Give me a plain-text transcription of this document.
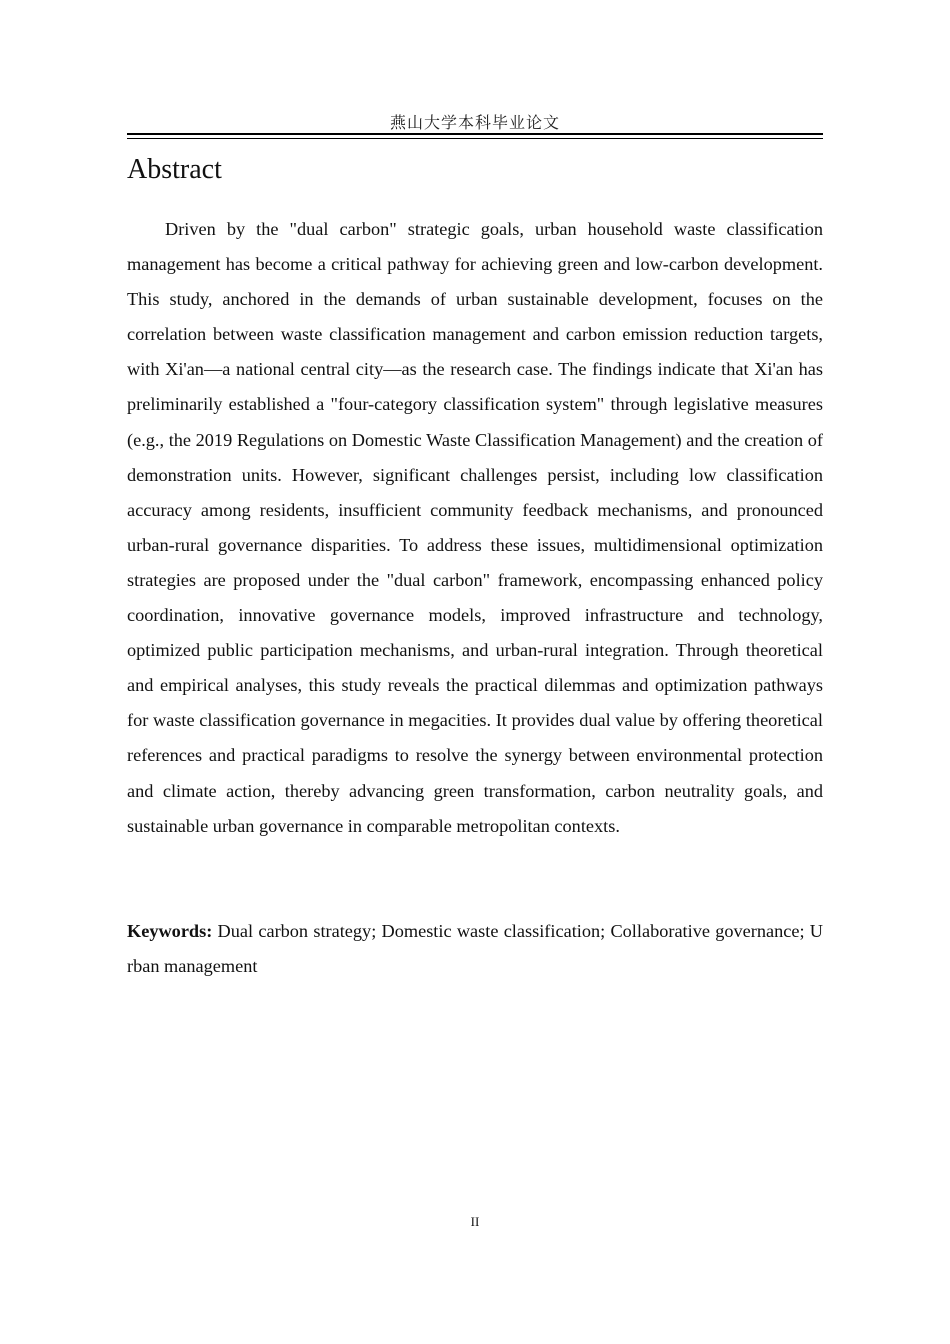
燕山大学本科毕业论文
Abstract

Driven by the "dual carbon" strategic goals, urban household waste classification management has become a critical pathway for achieving green and low-carbon development. This study, anchored in the demands of urban sustainable development, focuses on the correlation between waste classification management and carbon emission reduction targets, with Xi'an—a national central city—as the research case. The findings indicate that Xi'an has preliminarily established a "four-category classification system" through legislative measures (e.g., the 2019 Regulations on Domestic Waste Classification Management) and the creation of demonstration units. However, significant challenges persist, including low classification accuracy among residents, insufficient community feedback mechanisms, and pronounced urban-rural governance disparities. To address these issues, multidimensional optimization strategies are proposed under the "dual carbon" framework, encompassing enhanced policy coordination, innovative governance models, improved infrastructure and technology, optimized public participation mechanisms, and urban-rural integration. Through theoretical and empirical analyses, this study reveals the practical dilemmas and optimization pathways for waste classification governance in megacities. It provides dual value by offering theoretical references and practical paradigms to resolve the synergy between environmental protection and climate action, thereby advancing green transformation, carbon neutrality goals, and sustainable urban governance in comparable metropolitan contexts.

Keywords: Dual carbon strategy; Domestic waste classification; Collaborative governance; U rban management

II
